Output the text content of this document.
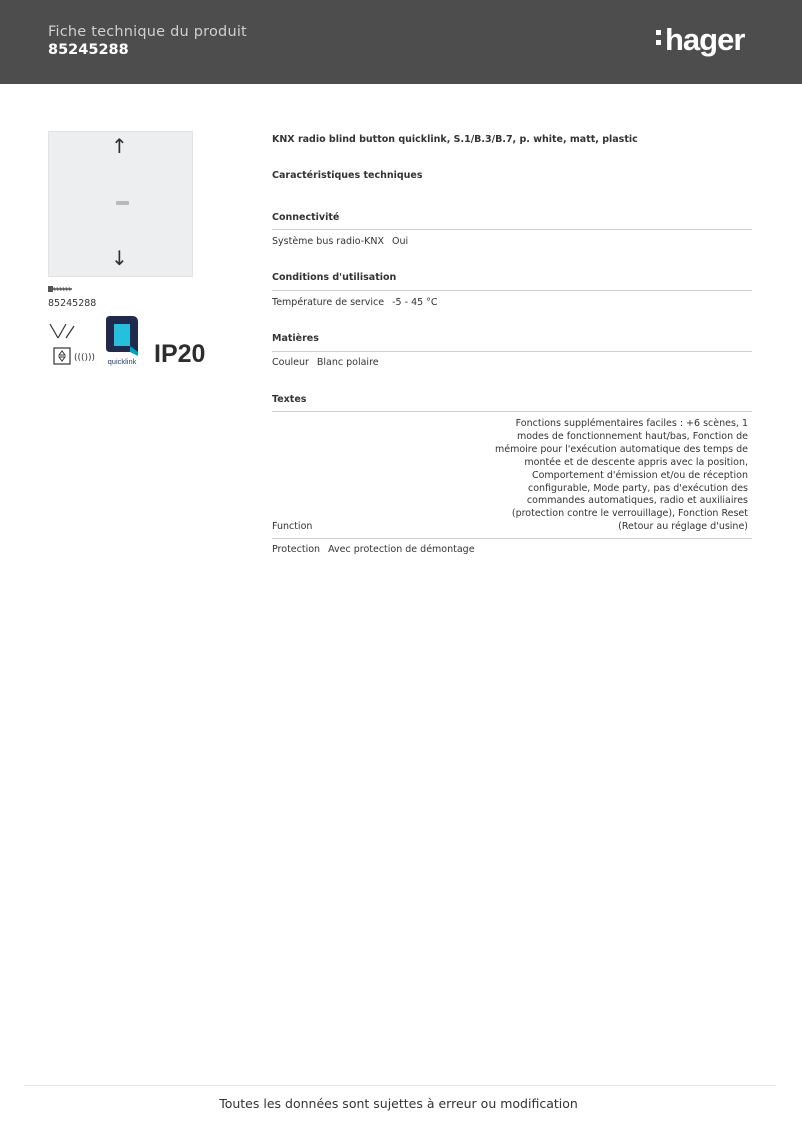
Fiche technique du produit
85245288	hager
↑
↓
85245288
((()))	quicklink IP20
KNX radio blind button quicklink, S.1/B.3/B.7, p. white, matt, plastic
Caractéristiques techniques
Connectivité
Système bus radio-KNX Oui
Conditions d'utilisation
Température de service -5 - 45 °C
Matières
Couleur Blanc polaire
Textes
Fonctions supplémentaires faciles : +6 scènes, 1
modes de fonctionnement haut/bas, Fonction de
mémoire pour l'exécution automatique des temps de
montée et de descente appris avec la position,
Comportement d'émission et/ou de réception
configurable, Mode party, pas d'exécution des
commandes automatiques, radio et auxiliaires
(protection contre le verrouillage), Fonction Reset
(Retour au réglage d'usine)
Function
Protection Avec protection de démontage
Toutes les données sont sujettes à erreur ou modification
